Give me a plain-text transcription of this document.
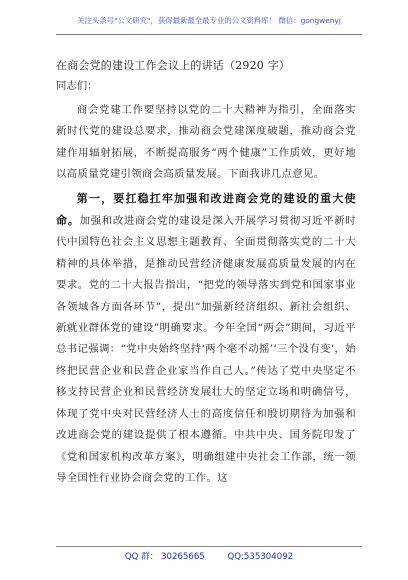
关注头条号"公文研究"，获得最新最全最专业的公文资料库！ 微信：gongwenyj
在商会党的建设工作会议上的讲话（2920 字）
同志们：

商会党建工作要坚持以党的二十大精神为指引，全面落实新时代党的建设总要求，推动商会党建深度破题，推动商会党建作用辐射拓展，不断提高服务“两个健康”工作质效，更好地以高质量党建引领商会高质量发展。下面我讲几点意见。

第一，要扛稳扛牢加强和改进商会党的建设的重大使命。加强和改进商会党的建设是深入开展学习贯彻习近平新时代中国特色社会主义思想主题教育、全面贯彻落实党的二十大精神的具体举措，是推动民营经济健康发展高质量发展的内在要求。党的二十大报告指出，“把党的领导落实到党和国家事业各领域各方面各环节”，提出“加强新经济组织、新社会组织、新就业群体党的建设”明确要求。今年全国“两会”期间，习近平总书记强调：“党中央始终坚持‘两个毫不动摇’‘三个没有变’，始终把民营企业和民营企业家当作自己人。”传达了党中央坚定不移支持民营企业和民营经济发展壮大的坚定立场和明确信号，体现了党中央对民营经济人士的高度信任和殷切期待为加强和改进商会党的建设提供了根本遵循。中共中央、国务院印发了《党和国家机构改革方案》，明确组建中央社会工作部，统一领导全国性行业协会商会党的工作。这

QQ 群： 30265665	QQ:535304092
